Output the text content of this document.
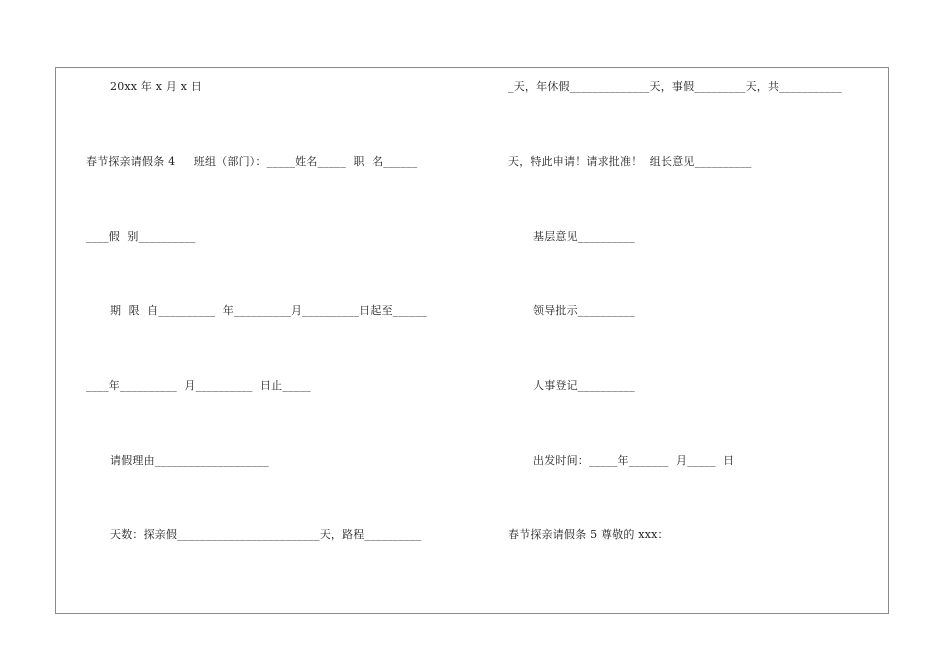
20xx 年 x 月 x 日
春节探亲请假条 4     班组（部门）：_____姓名_____  职  名______
____假  别__________
期  限  自__________  年__________月__________日起至______
____年__________  月__________  日止_____
请假理由____________________
天数：探亲假_________________________天，路程__________
_天，年休假______________天，事假_________天，共___________
天，特此申请！请求批准！  组长意见__________
基层意见__________
领导批示__________
人事登记__________
出发时间：_____年_______  月_____  日
春节探亲请假条 5 尊敬的 xxx：
